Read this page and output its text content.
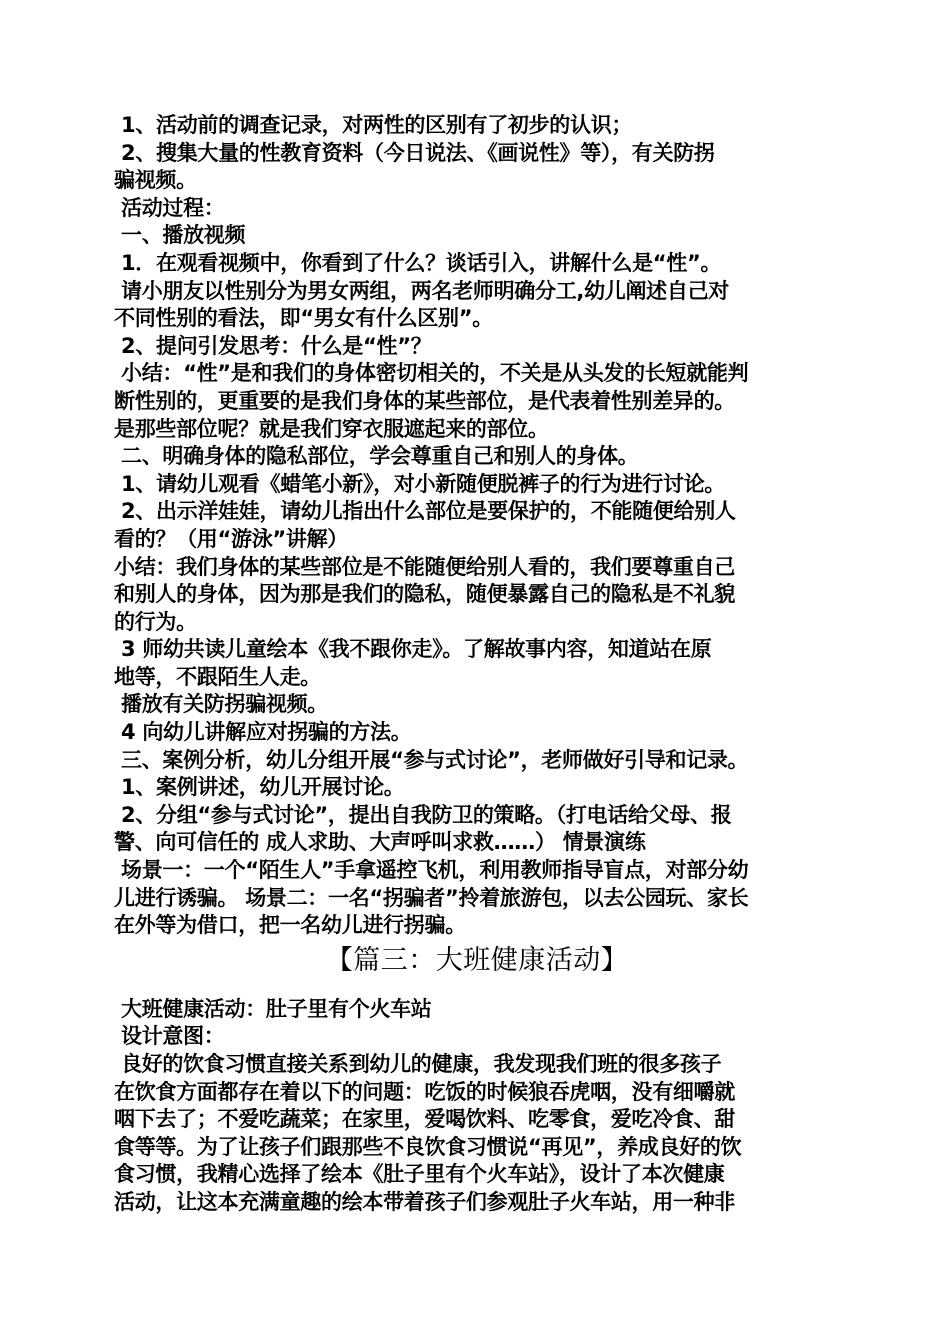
1、活动前的调查记录，对两性的区别有了初步的认识；
2、搜集大量的性教育资料（今日说法、《画说性》等），有关防拐
骗视频。
活动过程：
一、播放视频
1．在观看视频中，你看到了什么？谈话引入，讲解什么是“性”。
请小朋友以性别分为男女两组，两名老师明确分工,幼儿阐述自己对
不同性别的看法，即“男女有什么区别”。
2、提问引发思考：什么是“性”？
小结：“性”是和我们的身体密切相关的，不关是从头发的长短就能判
断性别的，更重要的是我们身体的某些部位，是代表着性别差异的。
是那些部位呢？就是我们穿衣服遮起来的部位。
二、明确身体的隐私部位，学会尊重自己和别人的身体。
1、请幼儿观看《蜡笔小新》，对小新随便脱裤子的行为进行讨论。
2、出示洋娃娃，请幼儿指出什么部位是要保护的，不能随便给别人
看的？（用“游泳”讲解）
小结：我们身体的某些部位是不能随便给别人看的，我们要尊重自己
和别人的身体，因为那是我们的隐私，随便暴露自己的隐私是不礼貌
的行为。
3 师幼共读儿童绘本《我不跟你走》。了解故事内容，知道站在原
地等，不跟陌生人走。
播放有关防拐骗视频。
4 向幼儿讲解应对拐骗的方法。
三、案例分析，幼儿分组开展“参与式讨论”，老师做好引导和记录。
1、案例讲述，幼儿开展讨论。
2、分组“参与式讨论”，提出自我防卫的策略。（打电话给父母、报
警、向可信任的 成人求助、大声呼叫求救……） 情景演练
场景一：一个“陌生人”手拿遥控飞机，利用教师指导盲点，对部分幼
儿进行诱骗。 场景二：一名“拐骗者”拎着旅游包，以去公园玩、家长
在外等为借口，把一名幼儿进行拐骗。
【篇三：大班健康活动】
大班健康活动：肚子里有个火车站
设计意图：
良好的饮食习惯直接关系到幼儿的健康，我发现我们班的很多孩子
在饮食方面都存在着以下的问题：吃饭的时候狼吞虎咽，没有细嚼就
咽下去了；不爱吃蔬菜；在家里，爱喝饮料、吃零食，爱吃冷食、甜
食等等。为了让孩子们跟那些不良饮食习惯说“再见”，养成良好的饮
食习惯，我精心选择了绘本《肚子里有个火车站》，设计了本次健康
活动，让这本充满童趣的绘本带着孩子们参观肚子火车站，用一种非
